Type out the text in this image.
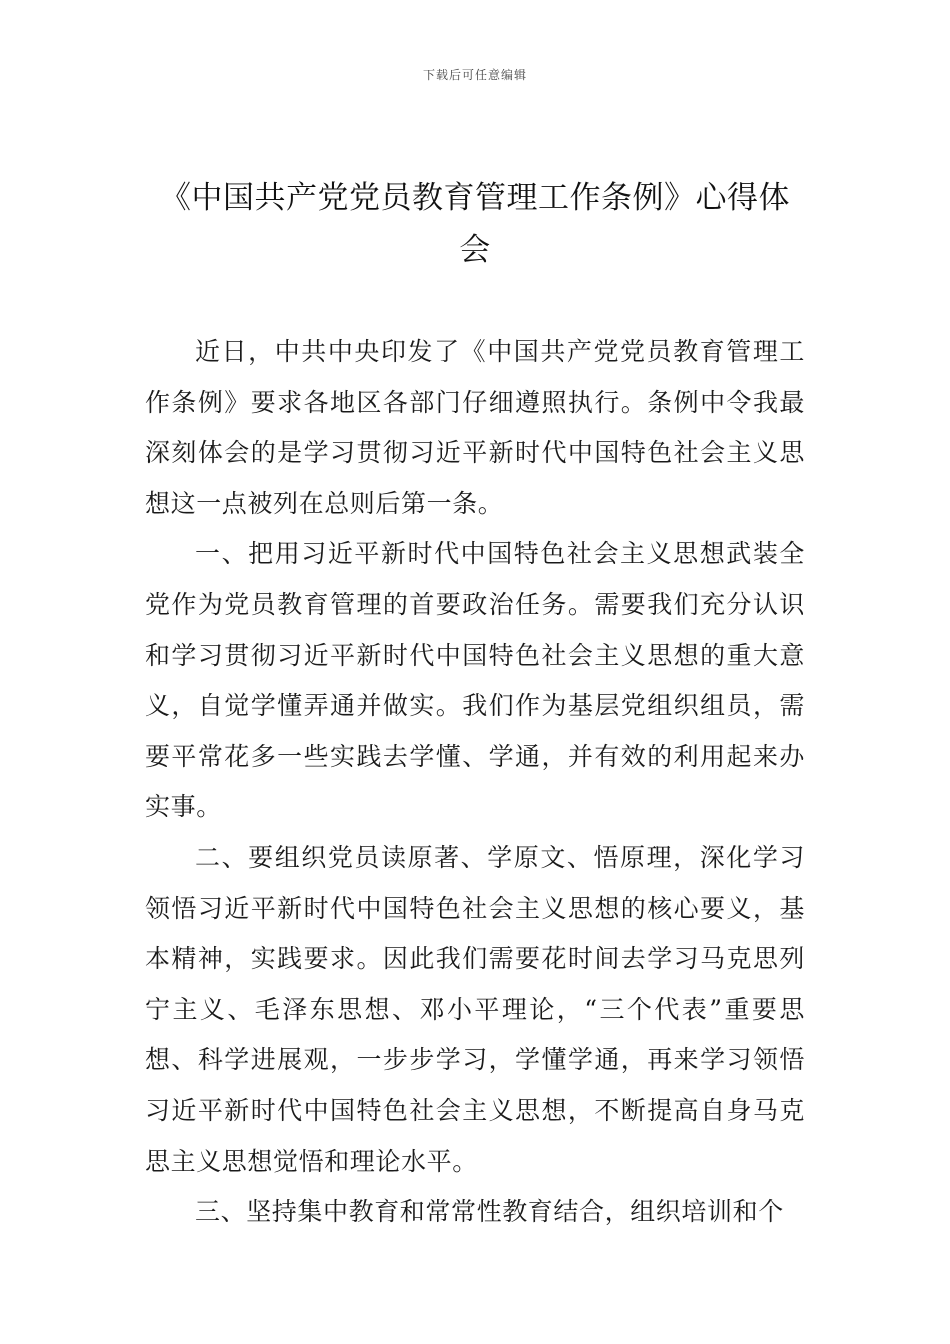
下载后可任意编辑
《中国共产党党员教育管理工作条例》心得体会

近日，中共中央印发了《中国共产党党员教育管理工作条例》要求各地区各部门仔细遵照执行。条例中令我最深刻体会的是学习贯彻习近平新时代中国特色社会主义思想这一点被列在总则后第一条。

一、把用习近平新时代中国特色社会主义思想武装全党作为党员教育管理的首要政治任务。需要我们充分认识和学习贯彻习近平新时代中国特色社会主义思想的重大意义，自觉学懂弄通并做实。我们作为基层党组织组员，需要平常花多一些实践去学懂、学通，并有效的利用起来办实事。

二、要组织党员读原著、学原文、悟原理，深化学习领悟习近平新时代中国特色社会主义思想的核心要义，基本精神，实践要求。因此我们需要花时间去学习马克思列宁主义、毛泽东思想、邓小平理论，“三个代表”重要思想、科学进展观，一步步学习，学懂学通，再来学习领悟习近平新时代中国特色社会主义思想，不断提高自身马克思主义思想觉悟和理论水平。

三、坚持集中教育和常常性教育结合，组织培训和个
